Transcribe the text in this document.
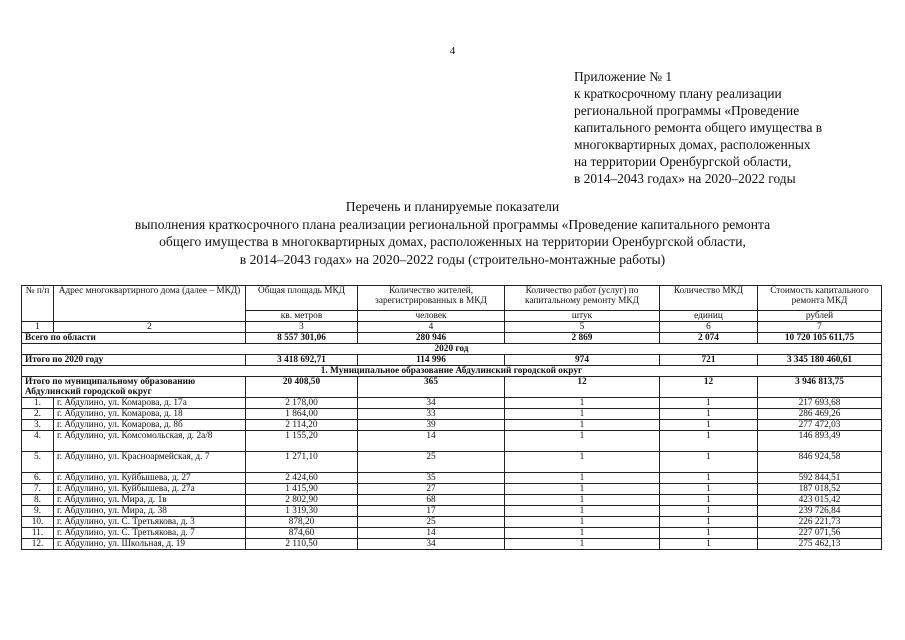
4
Приложение № 1
к краткосрочному плану реализации
региональной программы «Проведение
капитального ремонта общего имущества в
многоквартирных домах, расположенных
на территории Оренбургской области,
в 2014–2043 годах» на 2020–2022 годы
Перечень и планируемые показатели
выполнения краткосрочного плана реализации региональной программы «Проведение капитального ремонта
общего имущества в многоквартирных домах, расположенных на территории Оренбургской области,
в 2014–2043 годах» на 2020–2022 годы (строительно-монтажные работы)
№ п/п	Адрес многоквартирного дома (далее – МКД)	Общая площадь МКД	Количество жителей, зарегистрированных в МКД	Количество работ (услуг) по капитальному ремонту МКД	Количество МКД	Стоимость капитального ремонта МКД
		кв. метров	человек	штук	единиц	рублей
1	2	3	4	5	6	7
Всего по области		8 557 301,06	280 946	2 869	2 074	10 720 105 611,75
2020 год						
Итого по 2020 году		3 418 692,71	114 996	974	721	3 345 180 460,61
1. Муниципальное образование Абдулинский городской округ						
Итого по муниципальному образованию Абдулинский городской округ		20 408,50	365	12	12	3 946 813,75
1.	г. Абдулино, ул. Комарова, д. 17а	2 178,00	34	1	1	217 693,68
2.	г. Абдулино, ул. Комарова, д. 18	1 864,00	33	1	1	286 469,26
3.	г. Абдулино, ул. Комарова, д. 8б	2 114,20	39	1	1	277 472,03
4.	г. Абдулино, ул. Комсомольская, д. 2а/8	1 155,20	14	1	1	146 893,49
5.	г. Абдулино, ул. Красноармейская, д. 7	1 271,10	25	1	1	846 924,58
6.	г. Абдулино, ул. Куйбышева, д. 27	2 424,60	35	1	1	592 844,51
7.	г. Абдулино, ул. Куйбышева, д. 27а	1 415,90	27	1	1	187 018,52
8.	г. Абдулино, ул. Мира, д. 1в	2 802,90	68	1	1	423 015,42
9.	г. Абдулино, ул. Мира, д. 38	1 319,30	17	1	1	239 726,84
10.	г. Абдулино, ул. С. Третьякова, д. 3	878,20	25	1	1	226 221,73
11.	г. Абдулино, ул. С. Третьякова, д. 7	874,60	14	1	1	227 071,56
12.	г. Абдулино, ул. Школьная, д. 19	2 110,50	34	1	1	275 462,13
